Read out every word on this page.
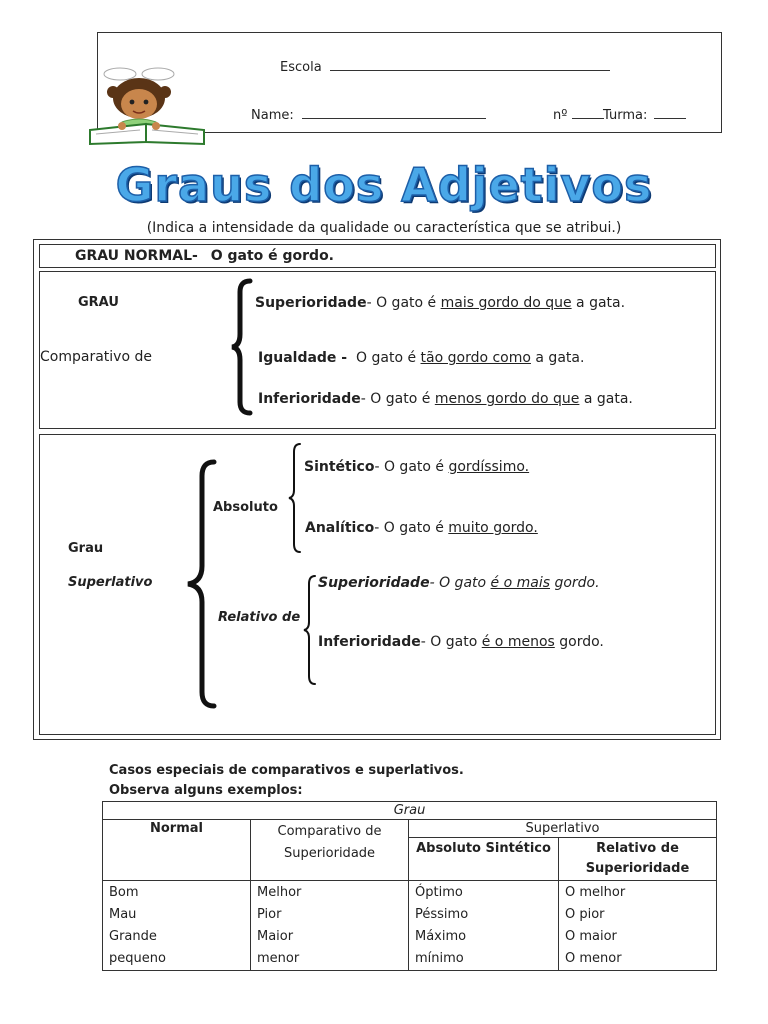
Escola
Name:	nº	Turma:
Graus dos Adjetivos
(Indica a intensidade da qualidade ou característica que se atribui.)
GRAU NORMAL- O gato é gordo.
GRAU
Comparativo de
Superioridade- O gato é mais gordo do que a gata.
Igualdade -  O gato é tão gordo como a gata.
Inferioridade- O gato é menos gordo do que a gata.
Grau
Superlativo
Absoluto
Relativo de
Sintético- O gato é gordíssimo.
Analítico- O gato é muito gordo.
Superioridade- O gato é o mais gordo.
Inferioridade- O gato é o menos gordo.
Casos especiais de comparativos e superlativos.
Observa alguns exemplos:
Grau			
Normal	Comparativo de Superioridade	Superlativo	
		Absoluto Sintético	Relativo de Superioridade
Bom	Melhor	Óptimo	O melhor
Mau	Pior	Péssimo	O pior
Grande	Maior	Máximo	O maior
pequeno	menor	mínimo	O menor
